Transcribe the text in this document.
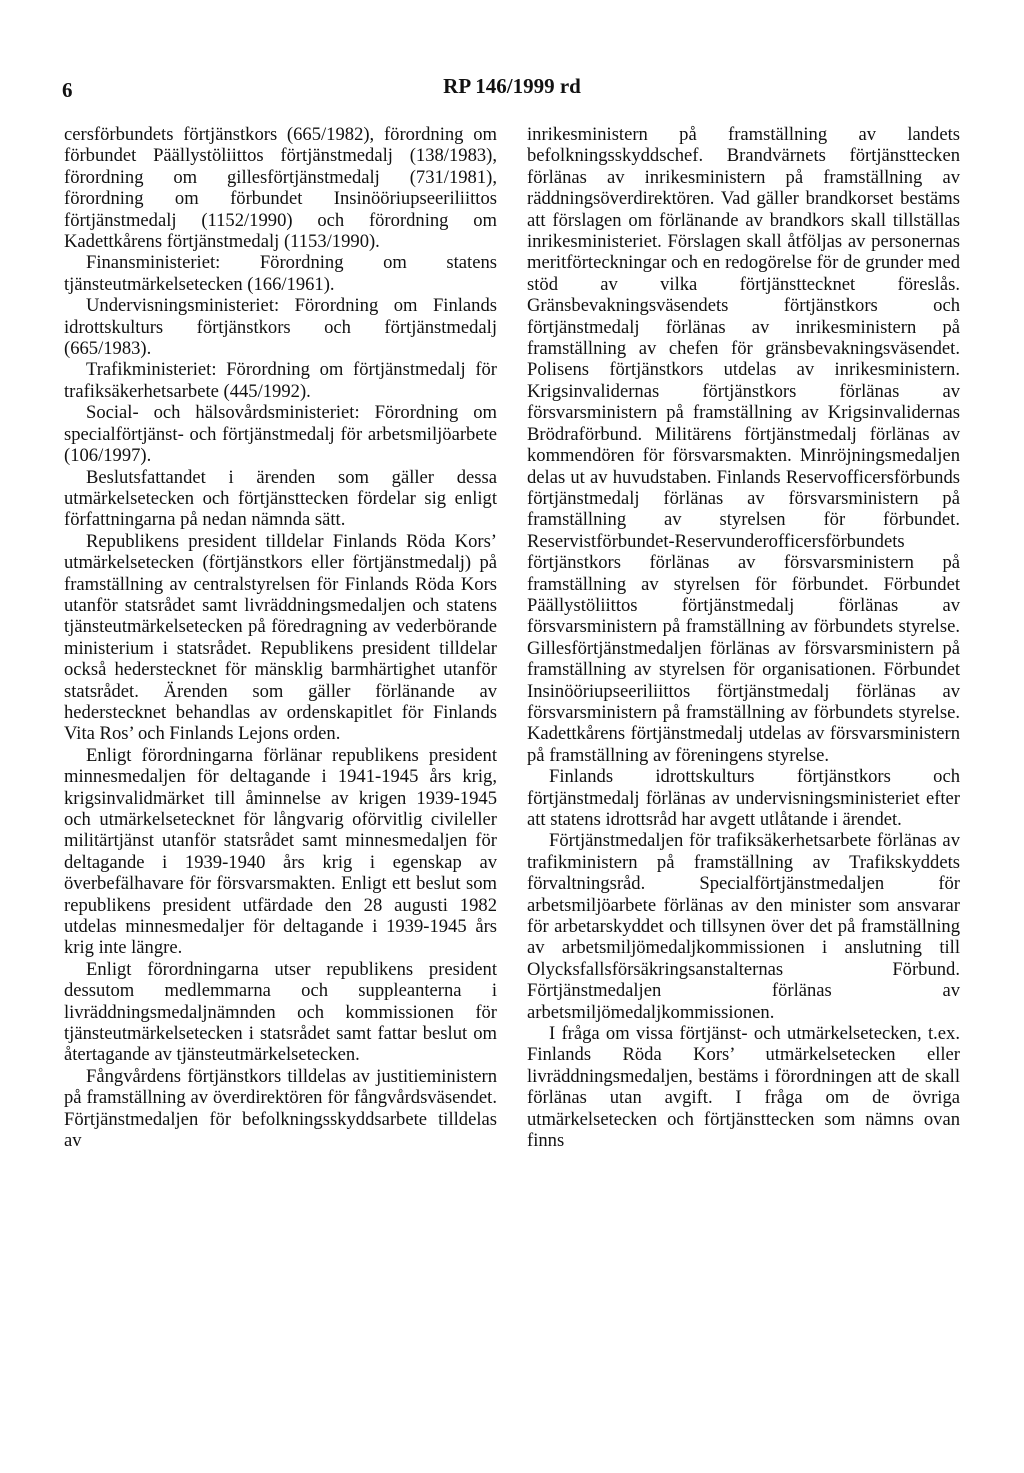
6	RP 146/1999 rd

cersförbundets förtjänstkors (665/1982), förordning om förbundet Päällystöliittos förtjänstmedalj (138/1983), förordning om gillesförtjänstmedalj (731/1981), förordning om förbundet Insinööriupseeriliittos förtjänstmedalj (1152/1990) och förordning om Kadettkårens förtjänstmedalj (1153/1990).

Finansministeriet: Förordning om statens tjänsteutmärkelsetecken (166/1961).

Undervisningsministeriet: Förordning om Finlands idrottskulturs förtjänstkors och förtjänstmedalj (665/1983).

Trafikministeriet: Förordning om förtjänstmedalj för trafiksäkerhetsarbete (445/1992).

Social- och hälsovårdsministeriet: Förordning om specialförtjänst- och förtjänstmedalj för arbetsmiljöarbete (106/1997).

Beslutsfattandet i ärenden som gäller dessa utmärkelsetecken och förtjänsttecken fördelar sig enligt författningarna på nedan nämnda sätt.

Republikens president tilldelar Finlands Röda Kors’ utmärkelsetecken (förtjänstkors eller förtjänstmedalj) på framställning av centralstyrelsen för Finlands Röda Kors utanför statsrådet samt livräddningsmedaljen och statens tjänsteutmärkelsetecken på föredragning av vederbörande ministerium i statsrådet. Republikens president tilldelar också hederstecknet för mänsklig barmhärtighet utanför statsrådet. Ärenden som gäller förlänande av hederstecknet behandlas av ordenskapitlet för Finlands Vita Ros’ och Finlands Lejons orden.

Enligt förordningarna förlänar republikens president minnesmedaljen för deltagande i 1941-1945 års krig, krigsinvalidmärket till åminnelse av krigen 1939-1945 och utmärkelsetecknet för långvarig oförvitlig civileller militärtjänst utanför statsrådet samt minnesmedaljen för deltagande i 1939-1940 års krig i egenskap av överbefälhavare för försvarsmakten. Enligt ett beslut som republikens president utfärdade den 28 augusti 1982 utdelas minnesmedaljer för deltagande i 1939-1945 års krig inte längre.

Enligt förordningarna utser republikens president dessutom medlemmarna och suppleanterna i livräddningsmedaljnämnden och kommissionen för tjänsteutmärkelsetecken i statsrådet samt fattar beslut om återtagande av tjänsteutmärkelsetecken.

Fångvårdens förtjänstkors tilldelas av justitieministern på framställning av överdirektören för fångvårdsväsendet. Förtjänstmedaljen för befolkningsskyddsarbete tilldelas av

inrikesministern på framställning av landets befolkningsskyddschef. Brandvärnets förtjänsttecken förlänas av inrikesministern på framställning av räddningsöverdirektören. Vad gäller brandkorset bestäms att förslagen om förlänande av brandkors skall tillställas inrikesministeriet. Förslagen skall åtföljas av personernas meritförteckningar och en redogörelse för de grunder med stöd av vilka förtjänsttecknet föreslås. Gränsbevakningsväsendets förtjänstkors och förtjänstmedalj förlänas av inrikesministern på framställning av chefen för gränsbevakningsväsendet. Polisens förtjänstkors utdelas av inrikesministern. Krigsinvalidernas förtjänstkors förlänas av försvarsministern på framställning av Krigsinvalidernas Brödraförbund. Militärens förtjänstmedalj förlänas av kommendören för försvarsmakten. Minröjningsmedaljen delas ut av huvudstaben. Finlands Reservofficersförbunds förtjänstmedalj förlänas av försvarsministern på framställning av styrelsen för förbundet. Reservistförbundet-Reservunderofficersförbundets förtjänstkors förlänas av försvarsministern på framställning av styrelsen för förbundet. Förbundet Päällystöliittos förtjänstmedalj förlänas av försvarsministern på framställning av förbundets styrelse. Gillesförtjänstmedaljen förlänas av försvarsministern på framställning av styrelsen för organisationen. Förbundet Insinööriupseeriliittos förtjänstmedalj förlänas av försvarsministern på framställning av förbundets styrelse. Kadettkårens förtjänstmedalj utdelas av försvarsministern på framställning av föreningens styrelse.

Finlands idrottskulturs förtjänstkors och förtjänstmedalj förlänas av undervisningsministeriet efter att statens idrottsråd har avgett utlåtande i ärendet.

Förtjänstmedaljen för trafiksäkerhetsarbete förlänas av trafikministern på framställning av Trafikskyddets förvaltningsråd. Specialförtjänstmedaljen för arbetsmiljöarbete förlänas av den minister som ansvarar för arbetarskyddet och tillsynen över det på framställning av arbetsmiljömedaljkommissionen i anslutning till Olycksfallsförsäkringsanstalternas Förbund. Förtjänstmedaljen förlänas av arbetsmiljömedaljkommissionen.

I fråga om vissa förtjänst- och utmärkelsetecken, t.ex. Finlands Röda Kors’ utmärkelsetecken eller livräddningsmedaljen, bestäms i förordningen att de skall förlänas utan avgift. I fråga om de övriga utmärkelsetecken och förtjänsttecken som nämns ovan finns
